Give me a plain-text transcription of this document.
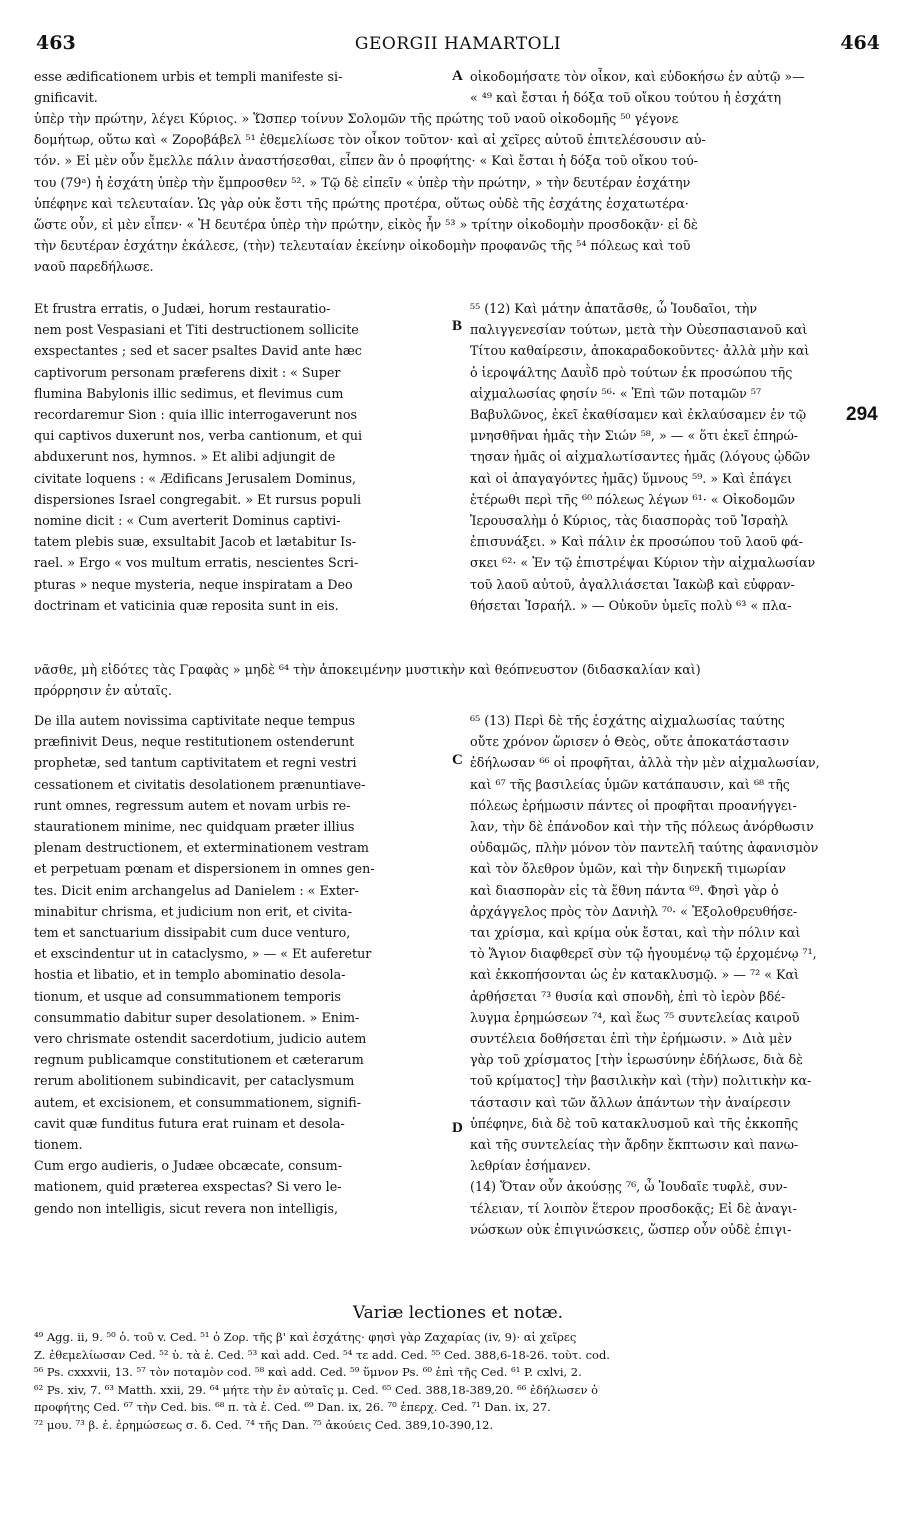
463	GEORGII HAMARTOLI	464
A
B
C
D
294
esse ædificationem urbis et templi manifeste si-
gnificavit.
οἰκοδομήσατε τὸν οἶκον, καὶ εὐδοκήσω ἐν αὐτῷ »—
« ⁴⁹ καὶ ἔσται ἡ δόξα τοῦ οἴκου τούτου ἡ ἐσχάτη
ὑπὲρ τὴν πρώτην, λέγει Κύριος. » Ὥσπερ τοίνυν Σολομῶν τῆς πρώτης τοῦ ναοῦ οἰκοδομῆς ⁵⁰ γέγονε
δομήτωρ, οὕτω καὶ « Ζοροβάβελ ⁵¹ ἐθεμελίωσε τὸν οἶκον τοῦτον· καὶ αἱ χεῖρες αὐτοῦ ἐπιτελέσουσιν αὐ-
τόν. » Εἰ μὲν οὖν ἔμελλε πάλιν ἀναστήσεσθαι, εἶπεν ἂν ὁ προφήτης· « Καὶ ἔσται ἡ δόξα τοῦ οἴκου τού-
του (79ᵃ) ἡ ἐσχάτη ὑπὲρ τὴν ἔμπροσθεν ⁵². » Τῷ δὲ εἰπεῖν « ὑπὲρ τὴν πρώτην, » τὴν δευτέραν ἐσχάτην
ὑπέφηνε καὶ τελευταίαν. Ὡς γὰρ οὐκ ἔστι τῆς πρώτης προτέρα, οὕτως οὐδὲ τῆς ἐσχάτης ἐσχατωτέρα·
ὥστε οὖν, εἰ μὲν εἶπεν· « Ἡ δευτέρα ὑπὲρ τὴν πρώτην, εἰκὸς ἦν ⁵³ » τρίτην οἰκοδομὴν προσδοκᾷν· εἰ δὲ
τὴν δευτέραν ἐσχάτην ἐκάλεσε, (τὴν) τελευταίαν ἐκείνην οἰκοδομὴν προφανῶς τῆς ⁵⁴ πόλεως καὶ τοῦ
ναοῦ παρεδήλωσε.
Et frustra erratis, o Judæi, horum restauratio-
nem post Vespasiani et Titi destructionem sollicite
exspectantes ; sed et sacer psaltes David ante hæc
captivorum personam præferens dixit : « Super
flumina Babylonis illic sedimus, et flevimus cum
recordaremur Sion : quia illic interrogaverunt nos
qui captivos duxerunt nos, verba cantionum, et qui
abduxerunt nos, hymnos. » Et alibi adjungit de
civitate loquens : « Ædificans Jerusalem Dominus,
dispersiones Israel congregabit. » Et rursus populi
nomine dicit : « Cum averterit Dominus captivi-
tatem plebis suæ, exsultabit Jacob et lætabitur Is-
rael. » Ergo « vos multum erratis, nescientes Scri-
pturas » neque mysteria, neque inspiratam a Deo
doctrinam et vaticinia quæ reposita sunt in eis.
⁵⁵ (12) Καὶ μάτην ἀπατᾶσθε, ὦ Ἰουδαῖοι, τὴν
παλιγγενεσίαν τούτων, μετὰ τὴν Οὐεσπασιανοῦ καὶ
Τίτου καθαίρεσιν, ἀποκαραδοκοῦντες· ἀλλὰ μὴν καὶ
ὁ ἱεροψάλτης Δαυῒδ πρὸ τούτων ἐκ προσώπου τῆς
αἰχμαλωσίας φησίν ⁵⁶· « Ἐπὶ τῶν ποταμῶν ⁵⁷
Βαβυλῶνος, ἐκεῖ ἐκαθίσαμεν καὶ ἐκλαύσαμεν ἐν τῷ
μνησθῆναι ἡμᾶς τὴν Σιών ⁵⁸, » — « ὅτι ἐκεῖ ἐπηρώ-
τησαν ἡμᾶς οἱ αἰχμαλωτίσαντες ἡμᾶς (λόγους ᾠδῶν
καὶ οἱ ἀπαγαγόντες ἡμᾶς) ὕμνους ⁵⁹. » Καὶ ἐπάγει
ἑτέρωθι περὶ τῆς ⁶⁰ πόλεως λέγων ⁶¹· « Οἰκοδομῶν
Ἱερουσαλὴμ ὁ Κύριος, τὰς διασπορὰς τοῦ Ἰσραὴλ
ἐπισυνάξει. » Καὶ πάλιν ἐκ προσώπου τοῦ λαοῦ φά-
σκει ⁶²· « Ἐν τῷ ἐπιστρέψαι Κύριον τὴν αἰχμαλωσίαν
τοῦ λαοῦ αὐτοῦ, ἀγαλλιάσεται Ἰακὼβ καὶ εὐφραν-
θήσεται Ἰσραήλ. » — Οὐκοῦν ὑμεῖς πολὺ ⁶³ « πλα-
νᾶσθε, μὴ εἰδότες τὰς Γραφὰς » μηδὲ ⁶⁴ τὴν ἀποκειμένην μυστικὴν καὶ θεόπνευστον (διδασκαλίαν καὶ)
πρόρρησιν ἐν αὐταῖς.
De illa autem novissima captivitate neque tempus
præfinivit Deus, neque restitutionem ostenderunt
prophetæ, sed tantum captivitatem et regni vestri
cessationem et civitatis desolationem prænuntiave-
runt omnes, regressum autem et novam urbis re-
staurationem minime, nec quidquam præter illius
plenam destructionem, et exterminationem vestram
et perpetuam pœnam et dispersionem in omnes gen-
tes. Dicit enim archangelus ad Danielem : « Exter-
minabitur chrisma, et judicium non erit, et civita-
tem et sanctuarium dissipabit cum duce venturo,
et exscindentur ut in cataclysmo, » — « Et auferetur
hostia et libatio, et in templo abominatio desola-
tionum, et usque ad consummationem temporis
consummatio dabitur super desolationem. » Enim-
vero chrismate ostendit sacerdotium, judicio autem
regnum publicamque constitutionem et cæterarum
rerum abolitionem subindicavit, per cataclysmum
autem, et excisionem, et consummationem, signifi-
cavit quæ funditus futura erat ruinam et desola-
tionem.
Cum ergo audieris, o Judæe obcæcate, consum-
mationem, quid præterea exspectas? Si vero le-
gendo non intelligis, sicut revera non intelligis,
⁶⁵ (13) Περὶ δὲ τῆς ἐσχάτης αἰχμαλωσίας ταύτης
οὔτε χρόνον ὥρισεν ὁ Θεὸς, οὔτε ἀποκατάστασιν
ἐδήλωσαν ⁶⁶ οἱ προφῆται, ἀλλὰ τὴν μὲν αἰχμαλωσίαν,
καὶ ⁶⁷ τῆς βασιλείας ὑμῶν κατάπαυσιν, καὶ ⁶⁸ τῆς
πόλεως ἐρήμωσιν πάντες οἱ προφῆται προανήγγει-
λαν, τὴν δὲ ἐπάνοδον καὶ τὴν τῆς πόλεως ἀνόρθωσιν
οὐδαμῶς, πλὴν μόνον τὸν παντελῆ ταύτης ἀφανισμὸν
καὶ τὸν ὄλεθρον ὑμῶν, καὶ τὴν διηνεκῆ τιμωρίαν
καὶ διασπορὰν εἰς τὰ ἔθνη πάντα ⁶⁹. Φησὶ γὰρ ὁ
ἀρχάγγελος πρὸς τὸν Δανιὴλ ⁷⁰· « Ἐξολοθρευθήσε-
ται χρίσμα, καὶ κρίμα οὐκ ἔσται, καὶ τὴν πόλιν καὶ
τὸ Ἅγιον διαφθερεῖ σὺν τῷ ἡγουμένῳ τῷ ἐρχομένῳ ⁷¹,
καὶ ἐκκοπήσονται ὡς ἐν κατακλυσμῷ. » — ⁷² « Καὶ
ἀρθήσεται ⁷³ θυσία καὶ σπονδὴ, ἐπὶ τὸ ἱερὸν βδέ-
λυγμα ἐρημώσεων ⁷⁴, καὶ ἕως ⁷⁵ συντελείας καιροῦ
συντέλεια δοθήσεται ἐπὶ τὴν ἐρήμωσιν. » Διὰ μὲν
γὰρ τοῦ χρίσματος [τὴν ἱερωσύνην ἐδήλωσε, διὰ δὲ
τοῦ κρίματος] τὴν βασιλικὴν καὶ (τὴν) πολιτικὴν κα-
τάστασιν καὶ τῶν ἄλλων ἁπάντων τὴν ἀναίρεσιν
ὑπέφηνε, διὰ δὲ τοῦ κατακλυσμοῦ καὶ τῆς ἐκκοπῆς
καὶ τῆς συντελείας τὴν ἄρδην ἔκπτωσιν καὶ πανω-
λεθρίαν ἐσήμανεν.
(14) Ὅταν οὖν ἀκούσῃς ⁷⁶, ὦ Ἰουδαῖε τυφλὲ, συν-
τέλειαν, τί λοιπὸν ἕτερον προσδοκᾷς; Εἰ δὲ ἀναγι-
νώσκων οὐκ ἐπιγινώσκεις, ὥσπερ οὖν οὐδὲ ἐπιγι-
Variæ lectiones et notæ.
⁴⁹ Agg. ii, 9. ⁵⁰ ὁ. τοῦ v. Ced. ⁵¹ ὁ Ζορ. τῆς β' καὶ ἐσχάτης· φησὶ γὰρ Ζαχαρίας (iv, 9)· αἱ χεῖρες
Z. ἐθεμελίωσαν Ced. ⁵² ὑ. τὰ ἑ. Ced. ⁵³ καὶ add. Ced. ⁵⁴ τε add. Ced. ⁵⁵ Ced. 388,6-18-26. τοὺτ. cod.
⁵⁶ Ps. cxxxvii, 13. ⁵⁷ τὸν ποταμὸν cod. ⁵⁸ καὶ add. Ced. ⁵⁹ ὕμνον Ps. ⁶⁰ ἐπὶ τῆς Ced. ⁶¹ P. cxlvi, 2.
⁶² Ps. xiv, 7. ⁶³ Matth. xxii, 29. ⁶⁴ μήτε τὴν ἐν αὐταῖς μ. Ced. ⁶⁵ Ced. 388,18-389,20. ⁶⁶ ἐδήλωσεν ὁ
προφήτης Ced. ⁶⁷ τὴν Ced. bis. ⁶⁸ π. τὰ ἑ. Ced. ⁶⁹ Dan. ix, 26. ⁷⁰ ἐπερχ. Ced. ⁷¹ Dan. ix, 27.
⁷² μου. ⁷³ β. ἐ. ἐρημώσεως σ. δ. Ced. ⁷⁴ τῆς Dan. ⁷⁵ ἀκούεις Ced. 389,10-390,12.
